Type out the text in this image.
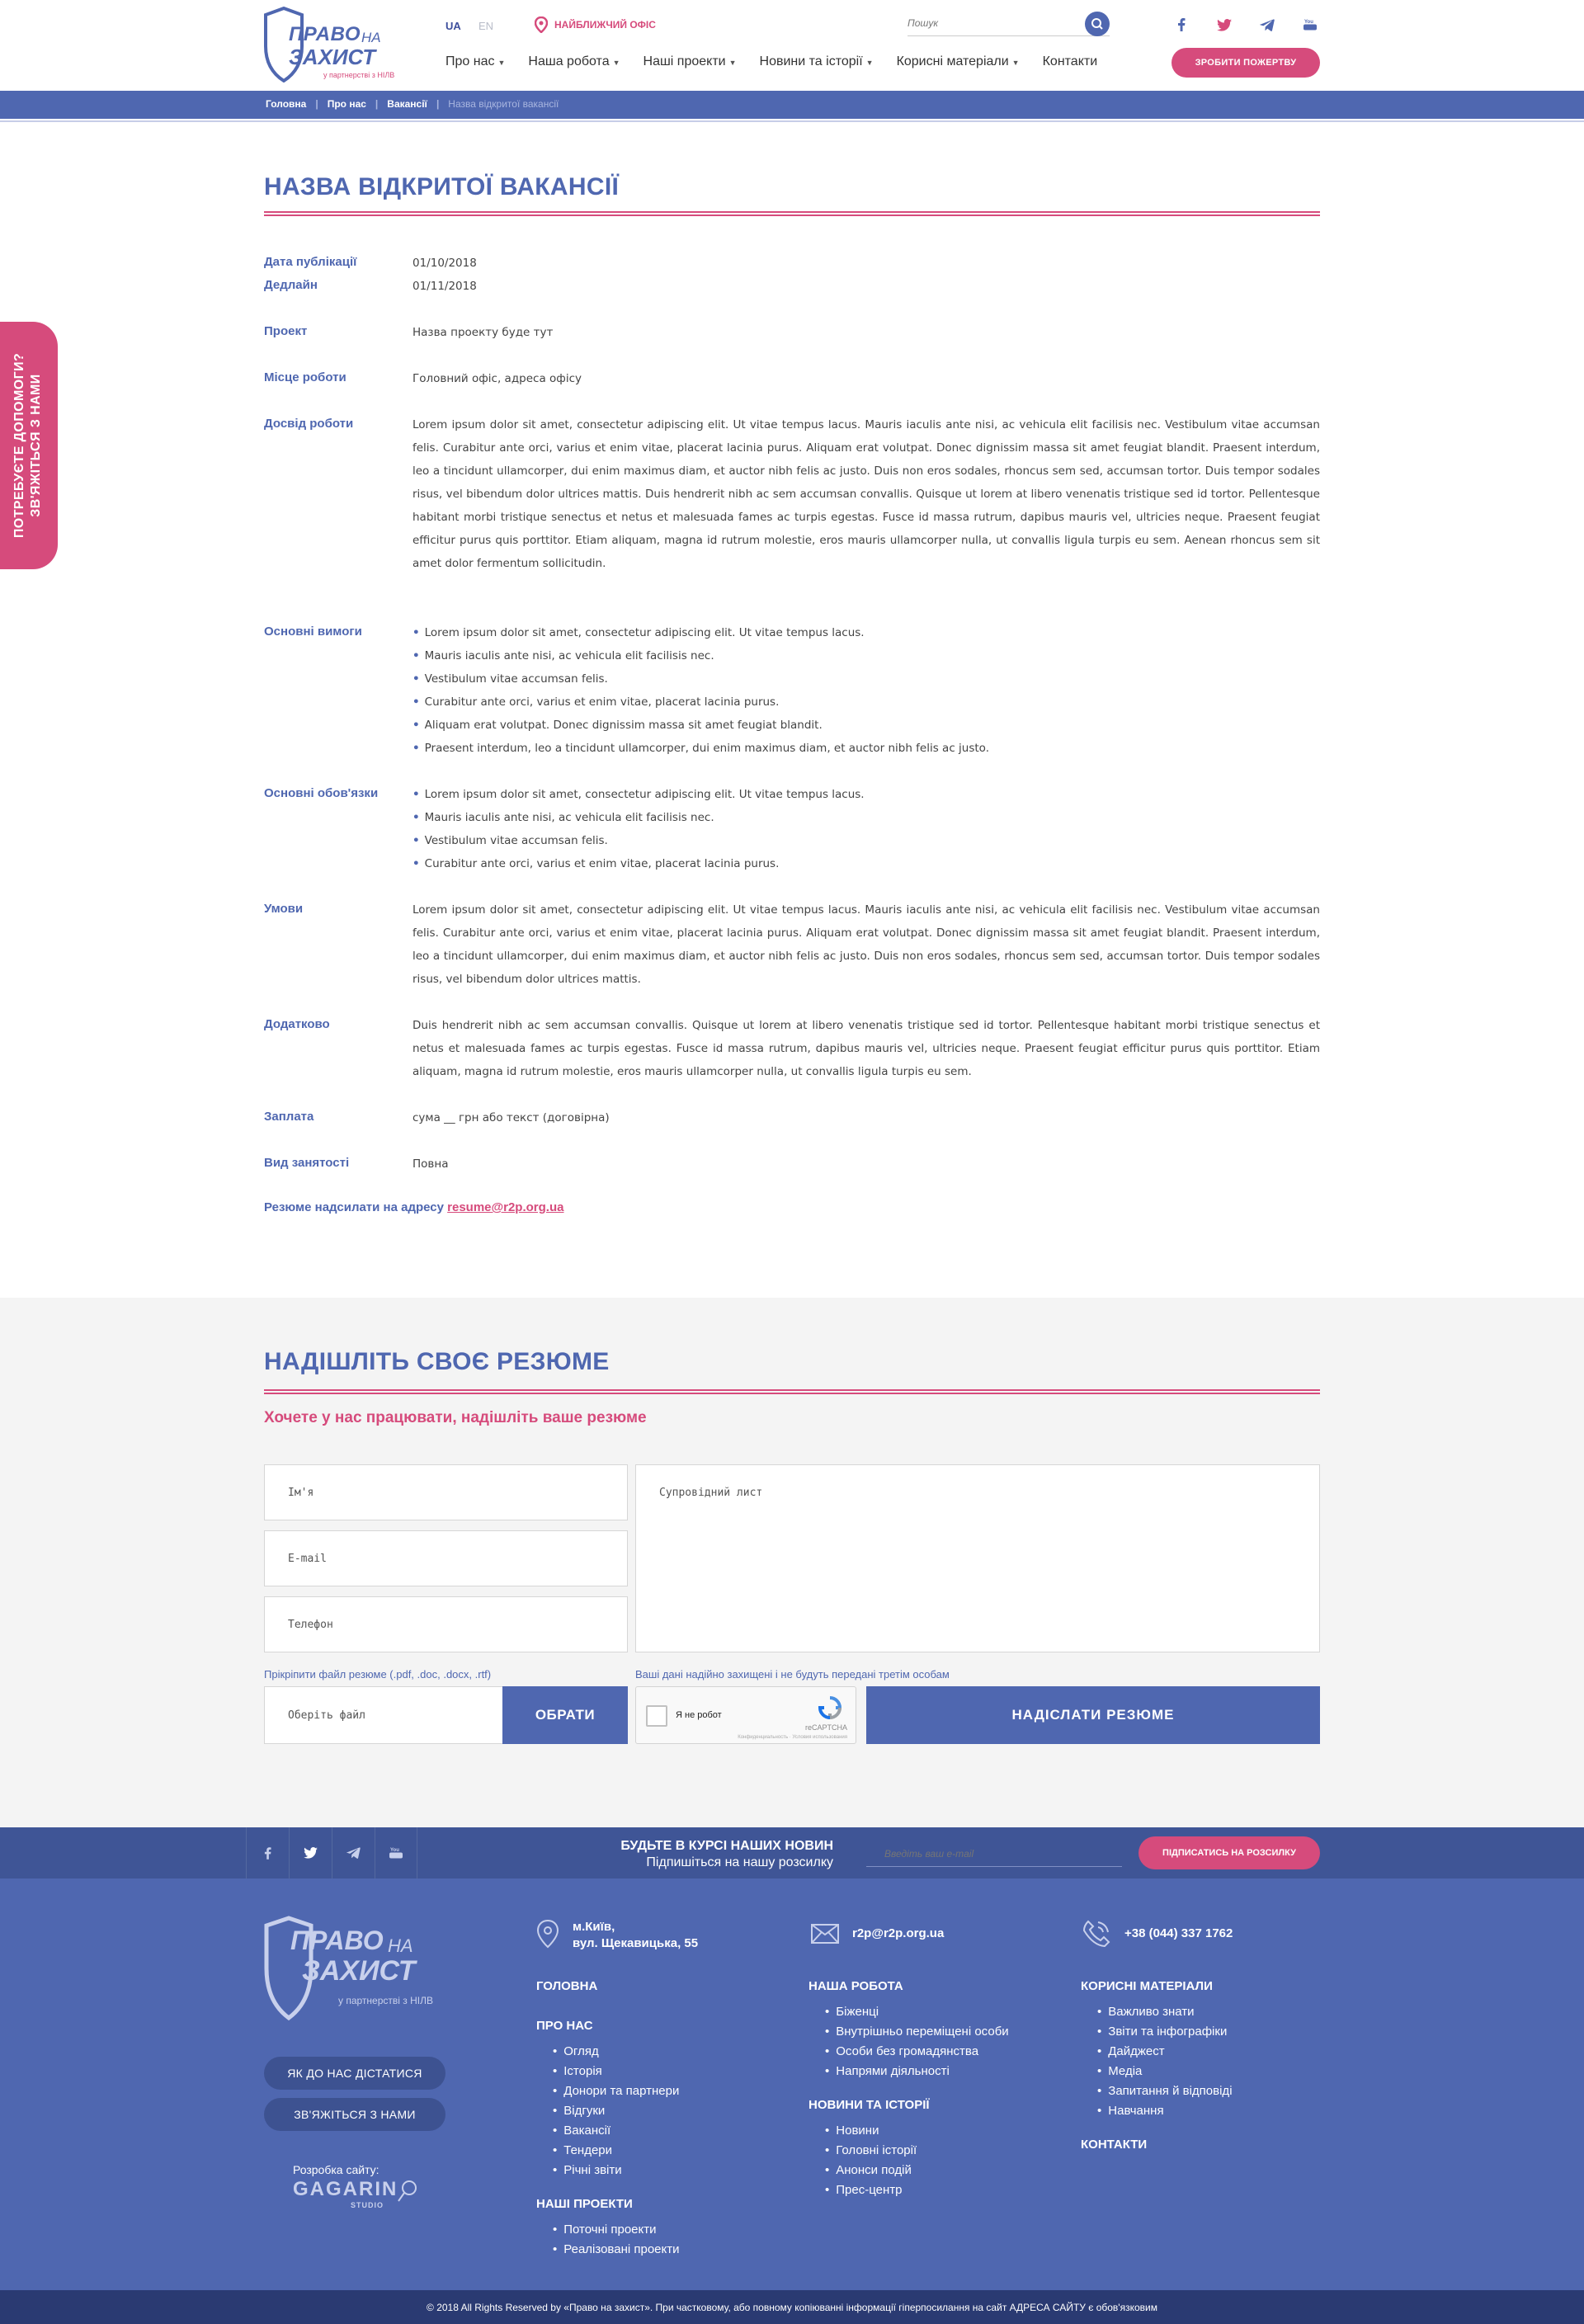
ПРАВО НА
ЗАХИСТ
у партнерстві з НІЛВ
UA EN	НАЙБЛИЖЧИЙ ОФІС
Пошук	You
Про нас ▼ Наша робота ▼ Наші проекти ▼ Новини та історії ▼ Корисні матеріали ▼ Контакти	ЗРОБИТИ ПОЖЕРТВУ
Головна | Про нас | Вакансії | Назва відкритої вакансії
ПОТРЕБУЄТЕ ДОПОМОГИ? ЗВ'ЯЖІТЬСЯ З НАМИ
НАЗВА ВІДКРИТОЇ ВАКАНСІЇ
Дата публікації	01/10/2018
Дедлайн	01/11/2018
Проект	Назва проекту буде тут
Місце роботи	Головний офіс, адреса офісу
Досвід роботи	Lorem ipsum dolor sit amet, consectetur adipiscing elit. Ut vitae tempus lacus. Mauris iaculis ante nisi, ac vehicula elit facilisis nec. Vestibulum vitae accumsan felis. Curabitur ante orci, varius et enim vitae, placerat lacinia purus. Aliquam erat volutpat. Donec dignissim massa sit amet feugiat blandit. Praesent interdum, leo a tincidunt ullamcorper, dui enim maximus diam, et auctor nibh felis ac justo. Duis non eros sodales, rhoncus sem sed, accumsan tortor. Duis tempor sodales risus, vel bibendum dolor ultrices mattis. Duis hendrerit nibh ac sem accumsan convallis. Quisque ut lorem at libero venenatis tristique sed id tortor. Pellentesque habitant morbi tristique senectus et netus et malesuada fames ac turpis egestas. Fusce id massa rutrum, dapibus mauris vel, ultricies neque. Praesent feugiat efficitur purus quis porttitor. Etiam aliquam, magna id rutrum molestie, eros mauris ullamcorper nulla, ut convallis ligula turpis eu sem. Aenean rhoncus sem sit amet dolor fermentum sollicitudin.
Основні вимоги	• Lorem ipsum dolor sit amet, consectetur adipiscing elit. Ut vitae tempus lacus.
• Mauris iaculis ante nisi, ac vehicula elit facilisis nec.
• Vestibulum vitae accumsan felis.
• Curabitur ante orci, varius et enim vitae, placerat lacinia purus.
• Aliquam erat volutpat. Donec dignissim massa sit amet feugiat blandit.
• Praesent interdum, leo a tincidunt ullamcorper, dui enim maximus diam, et auctor nibh felis ac justo.
Основні обов'язки	• Lorem ipsum dolor sit amet, consectetur adipiscing elit. Ut vitae tempus lacus.
• Mauris iaculis ante nisi, ac vehicula elit facilisis nec.
• Vestibulum vitae accumsan felis.
• Curabitur ante orci, varius et enim vitae, placerat lacinia purus.
Умови	Lorem ipsum dolor sit amet, consectetur adipiscing elit. Ut vitae tempus lacus. Mauris iaculis ante nisi, ac vehicula elit facilisis nec. Vestibulum vitae accumsan felis. Curabitur ante orci, varius et enim vitae, placerat lacinia purus. Aliquam erat volutpat. Donec dignissim massa sit amet feugiat blandit. Praesent interdum, leo a tincidunt ullamcorper, dui enim maximus diam, et auctor nibh felis ac justo. Duis non eros sodales, rhoncus sem sed, accumsan tortor. Duis tempor sodales risus, vel bibendum dolor ultrices mattis.
Додатково	Duis hendrerit nibh ac sem accumsan convallis. Quisque ut lorem at libero venenatis tristique sed id tortor. Pellentesque habitant morbi tristique senectus et netus et malesuada fames ac turpis egestas. Fusce id massa rutrum, dapibus mauris vel, ultricies neque. Praesent feugiat efficitur purus quis porttitor. Etiam aliquam, magna id rutrum molestie, eros mauris ullamcorper nulla, ut convallis ligula turpis eu sem.
Заплата	сума __ грн або текст (договірна)
Вид занятості	Повна
Резюме надсилати на адресу resume@r2p.org.ua
НАДІШЛІТЬ СВОЄ РЕЗЮМЕ
Хочете у нас працювати, надішліть ваше резюме
Ім'я
E-mail
Телефон
Супровідний лист
Прікріпити файл резюме (.pdf, .doc, .docx, .rtf)	Ваші дані надійно захищені і не будуть передані третім особам
Оберіть файл	ОБРАТИ	Я не робот
reCAPTCHA
Конфиденциальность · Условия использования
НАДІСЛАТИ РЕЗЮМЕ
You	БУДЬТЕ В КУРСІ НАШИХ НОВИН
Підпишіться на нашу розсилку
Введіть ваш e-mail
ПІДПИСАТИСЬ НА РОЗСИЛКУ
ПРАВО НА
ЗАХИСТ
у партнерстві з НІЛВ
ЯК ДО НАС ДІСТАТИСЯ
ЗВ'ЯЖІТЬСЯ З НАМИ
Розробка сайту:
GAGARIN
STUDIO
м.Київ,
вул. Щекавицька, 55
r2p@r2p.org.ua	+38 (044) 337 1762
ГОЛОВНА
ПРО НАС
• Огляд
• Історія
• Донори та партнери
• Відгуки
• Вакансії
• Тендери
• Річні звіти
НАШІ ПРОЕКТИ
• Поточні проекти
• Реалізовані проекти
НАША РОБОТА
• Біженці
• Внутрішньо переміщені особи
• Особи без громадянства
• Напрями діяльності
НОВИНИ ТА ІСТОРІЇ
• Новини
• Головні історії
• Анонси подій
• Прес-центр
КОРИСНІ МАТЕРІАЛИ
• Важливо знати
• Звіти та інфографіки
• Дайджест
• Медіа
• Запитання й відповіді
• Навчання
КОНТАКТИ
© 2018 All Rights Reserved by «Право на захист». При частковому, або повному копіюванні інформації гіперпосилання на сайт АДРЕСА САЙТУ є обов'язковим
